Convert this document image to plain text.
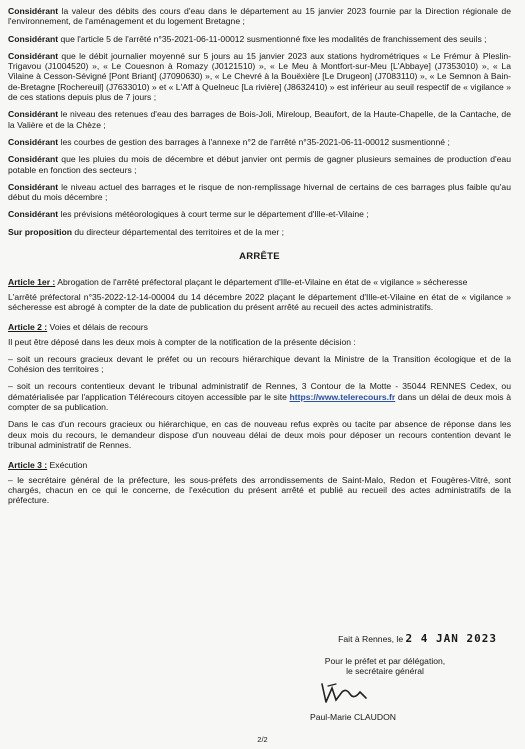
Considérant la valeur des débits des cours d'eau dans le département au 15 janvier 2023 fournie par la Direction régionale de l'environnement, de l'aménagement et du logement Bretagne ;

Considérant que l'article 5 de l'arrêté n°35-2021-06-11-00012 susmentionné fixe les modalités de franchissement des seuils ;

Considérant que le débit journalier moyenné sur 5 jours au 15 janvier 2023 aux stations hydrométriques « Le Frémur à Pleslin-Trigavou (J1004520) », « Le Couesnon à Romazy (J0121510) », « Le Meu à Montfort-sur-Meu [L'Abbaye] (J7353010) », « La Vilaine à Cesson-Sévigné [Pont Briant] (J7090630) », « Le Chevré à la Bouëxière [Le Drugeon] (J7083110) », « Le Semnon à Bain-de-Bretagne [Rochereuil] (J7633010) » et « L'Aff à Quelneuc [La rivière] (J8632410) » est inférieur au seuil respectif de « vigilance » de ces stations depuis plus de 7 jours ;

Considérant le niveau des retenues d'eau des barrages de Bois-Joli, Mireloup, Beaufort, de la Haute-Chapelle, de la Cantache, de la Valière et de la Chèze ;

Considérant les courbes de gestion des barrages à l'annexe n°2 de l'arrêté n°35-2021-06-11-00012 susmentionné ;

Considérant que les pluies du mois de décembre et début janvier ont permis de gagner plusieurs semaines de production d'eau potable en fonction des secteurs ;

Considérant le niveau actuel des barrages et le risque de non-remplissage hivernal de certains de ces barrages plus faible qu'au début du mois décembre ;

Considérant les prévisions météorologiques à court terme sur le département d'Ille-et-Vilaine ;

Sur proposition du directeur départemental des territoires et de la mer ;

ARRÊTE

Article 1er : Abrogation de l'arrêté préfectoral plaçant le département d'Ille-et-Vilaine en état de « vigilance » sécheresse

L'arrêté préfectoral n°35-2022-12-14-00004 du 14 décembre 2022 plaçant le département d'Ille-et-Vilaine en état de « vigilance » sécheresse est abrogé à compter de la date de publication du présent arrêté au recueil des actes administratifs.

Article 2 : Voies et délais de recours

Il peut être déposé dans les deux mois à compter de la notification de la présente décision :

– soit un recours gracieux devant le préfet ou un recours hiérarchique devant la Ministre de la Transition écologique et de la Cohésion des territoires ;

– soit un recours contentieux devant le tribunal administratif de Rennes, 3 Contour de la Motte - 35044 RENNES Cedex, ou dématérialisée par l'application Télérecours citoyen accessible par le site https://www.telerecours.fr dans un délai de deux mois à compter de sa publication.

Dans le cas d'un recours gracieux ou hiérarchique, en cas de nouveau refus exprès ou tacite par absence de réponse dans les deux mois du recours, le demandeur dispose d'un nouveau délai de deux mois pour déposer un recours contention devant le tribunal administratif de Rennes.

Article 3 : Exécution

– le secrétaire général de la préfecture, les sous-préfets des arrondissements de Saint-Malo, Redon et Fougères-Vitré, sont chargés, chacun en ce qui le concerne, de l'exécution du présent arrêté et publié au recueil des actes administratifs de la préfecture.

Fait à Rennes, le 2 4 JAN 2023
Pour le préfet et par délégation,
le secrétaire général
Paul-Marie CLAUDON
2/2
